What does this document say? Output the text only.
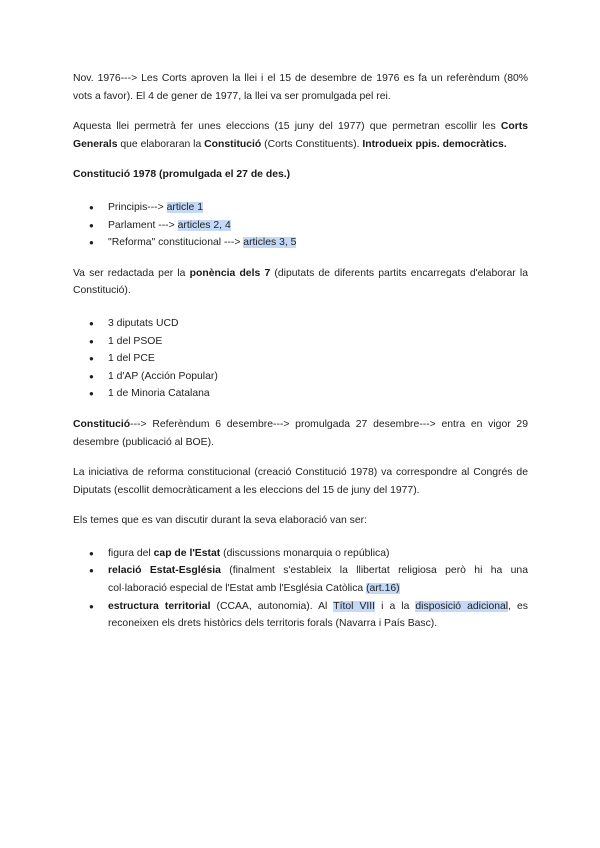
Nov. 1976---> Les Corts aproven la llei i el 15 de desembre de 1976 es fa un referèndum (80% vots a favor). El 4 de gener de 1977, la llei va ser promulgada pel rei.

Aquesta llei permetrà fer unes eleccions (15 juny del 1977) que permetran escollir les Corts Generals que elaboraran la Constitució (Corts Constituents). Introdueix ppis. democràtics.

Constitució 1978 (promulgada el 27 de des.)

● Principis---> article 1
● Parlament ---> articles 2, 4
● "Reforma" constitucional ---> articles 3, 5

Va ser redactada per la ponència dels 7 (diputats de diferents partits encarregats d'elaborar la Constitució).

● 3 diputats UCD
● 1 del PSOE
● 1 del PCE
● 1 d'AP (Acción Popular)
● 1 de Minoria Catalana

Constitució---> Referèndum 6 desembre---> promulgada 27 desembre---> entra en vigor 29 desembre (publicació al BOE).

La iniciativa de reforma constitucional (creació Constitució 1978) va correspondre al Congrés de Diputats (escollit democràticament a les eleccions del 15 de juny del 1977).

Els temes que es van discutir durant la seva elaboració van ser:

● figura del cap de l'Estat (discussions monarquia o república)
● relació Estat-Església (finalment s'estableix la llibertat religiosa però hi ha una col·laboració especial de l'Estat amb l'Església Catòlica (art.16)
● estructura territorial (CCAA, autonomia). Al Títol VIII i a la disposició adicional, es reconeixen els drets històrics dels territoris forals (Navarra i País Basc).
